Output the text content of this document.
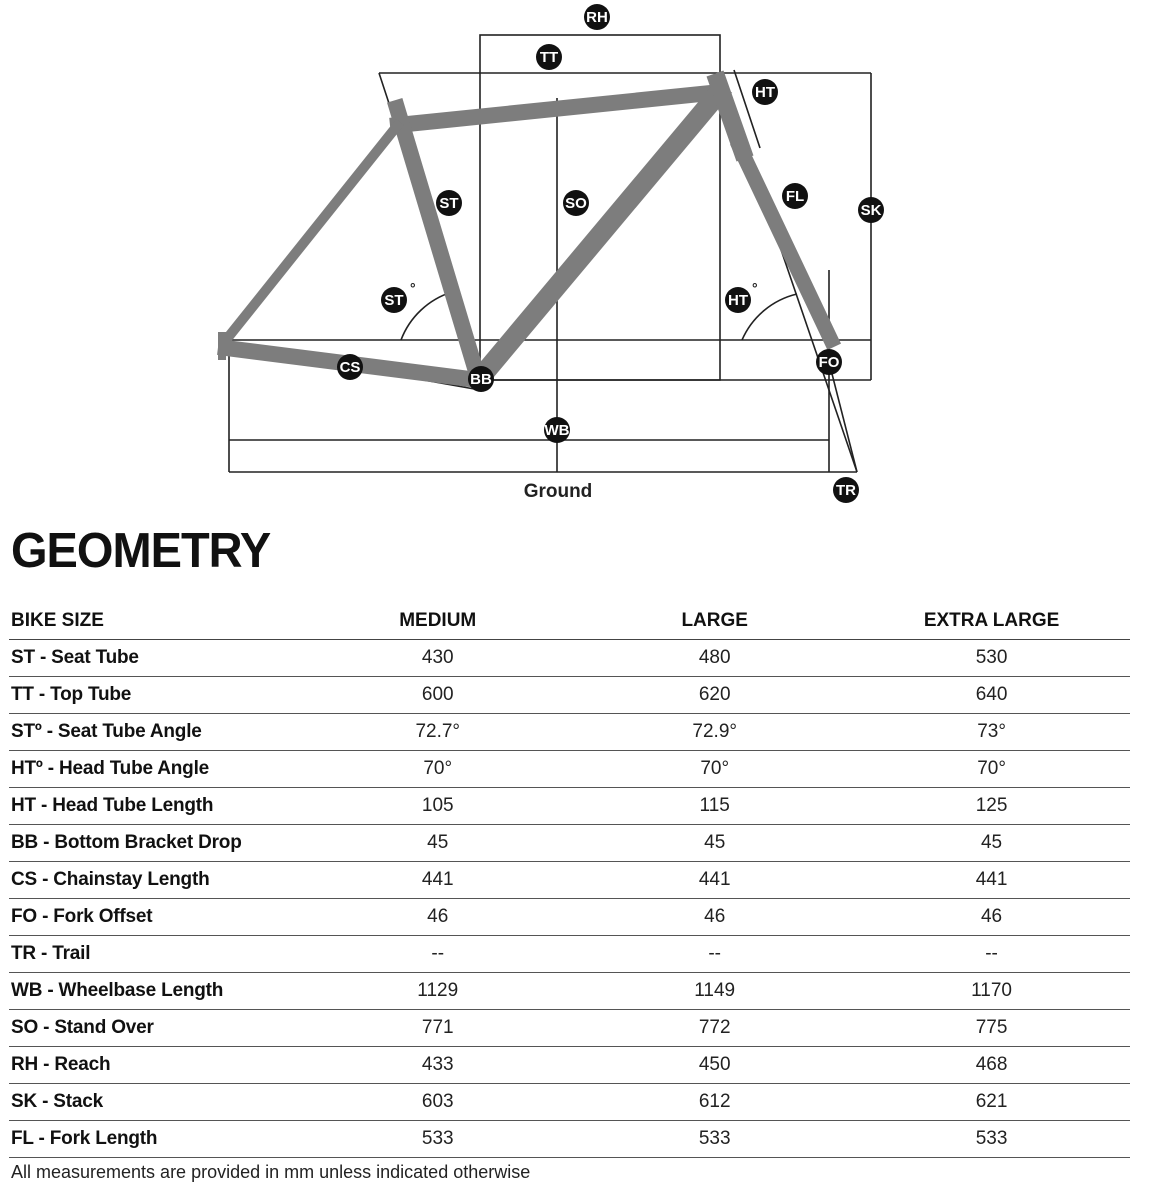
RH
TT
HT
ST	SO	FL
SK
ST
°
HT
°
CS
BB
FO
WB
TR
Ground
GEOMETRY
BIKE SIZE	MEDIUM	LARGE	EXTRA LARGE
ST - Seat Tube	430	480	530
TT - Top Tube	600	620	640
STº - Seat Tube Angle	72.7°	72.9°	73°
HTº - Head Tube Angle	70°	70°	70°
HT - Head Tube Length	105	115	125
BB - Bottom Bracket Drop	45	45	45
CS - Chainstay Length	441	441	441
FO - Fork Offset	46	46	46
TR - Trail	--	--	--
WB - Wheelbase Length	1129	1149	1170
SO - Stand Over	771	772	775
RH - Reach	433	450	468
SK - Stack	603	612	621
FL - Fork Length	533	533	533
All measurements are provided in mm unless indicated otherwise
